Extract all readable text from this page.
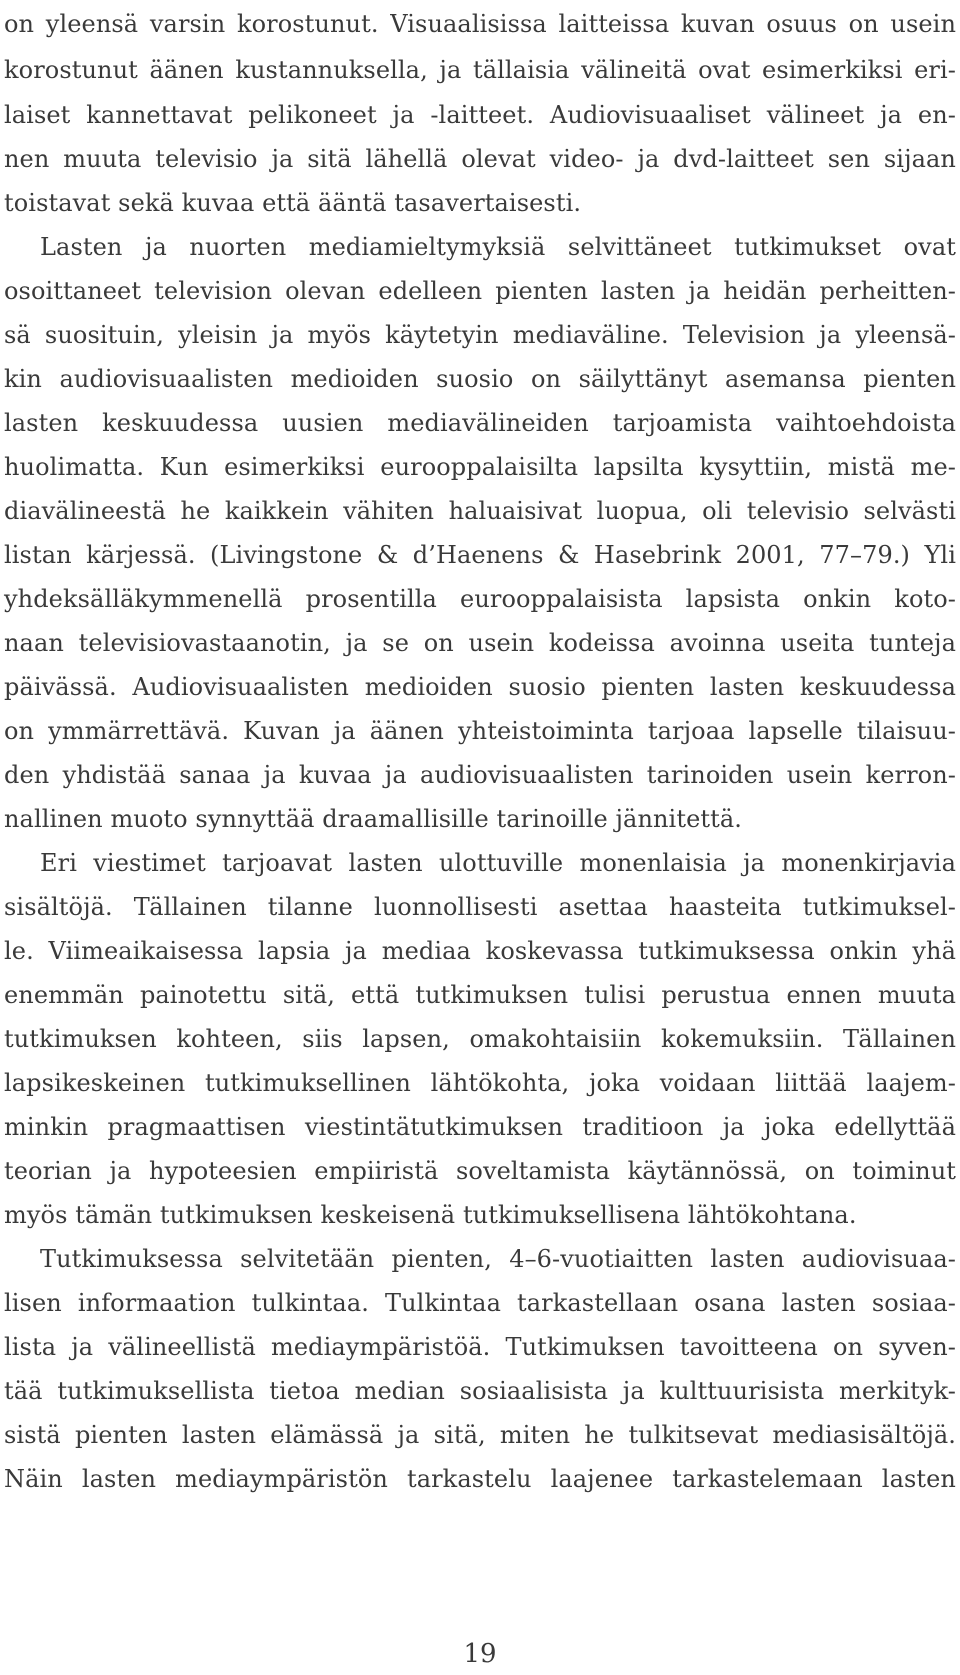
on yleensä varsin korostunut. Visuaalisissa laitteissa kuvan osuus on usein
korostunut äänen kustannuksella, ja tällaisia välineitä ovat esimerkiksi eri-
laiset kannettavat pelikoneet ja -laitteet. Audiovisuaaliset välineet ja en-
nen muuta televisio ja sitä lähellä olevat video- ja dvd-laitteet sen sijaan
toistavat sekä kuvaa että ääntä tasavertaisesti.
Lasten ja nuorten mediamieltymyksiä selvittäneet tutkimukset ovat
osoittaneet television olevan edelleen pienten lasten ja heidän perheitten-
sä suosituin, yleisin ja myös käytetyin mediaväline. Television ja yleensä-
kin audiovisuaalisten medioiden suosio on säilyttänyt asemansa pienten
lasten keskuudessa uusien mediavälineiden tarjoamista vaihtoehdoista
huolimatta. Kun esimerkiksi eurooppalaisilta lapsilta kysyttiin, mistä me-
diavälineestä he kaikkein vähiten haluaisivat luopua, oli televisio selvästi
listan kärjessä. (Livingstone & d’Haenens & Hasebrink 2001, 77–79.) Yli
yhdeksälläkymmenellä prosentilla eurooppalaisista lapsista onkin koto-
naan televisiovastaanotin, ja se on usein kodeissa avoinna useita tunteja
päivässä. Audiovisuaalisten medioiden suosio pienten lasten keskuudessa
on ymmärrettävä. Kuvan ja äänen yhteistoiminta tarjoaa lapselle tilaisuu-
den yhdistää sanaa ja kuvaa ja audiovisuaalisten tarinoiden usein kerron-
nallinen muoto synnyttää draamallisille tarinoille jännitettä.
Eri viestimet tarjoavat lasten ulottuville monenlaisia ja monenkirjavia
sisältöjä. Tällainen tilanne luonnollisesti asettaa haasteita tutkimuksel-
le. Viimeaikaisessa lapsia ja mediaa koskevassa tutkimuksessa onkin yhä
enemmän painotettu sitä, että tutkimuksen tulisi perustua ennen muuta
tutkimuksen kohteen, siis lapsen, omakohtaisiin kokemuksiin. Tällainen
lapsikeskeinen tutkimuksellinen lähtökohta, joka voidaan liittää laajem-
minkin pragmaattisen viestintätutkimuksen traditioon ja joka edellyttää
teorian ja hypoteesien empiiristä soveltamista käytännössä, on toiminut
myös tämän tutkimuksen keskeisenä tutkimuksellisena lähtökohtana.
Tutkimuksessa selvitetään pienten, 4–6-vuotiaitten lasten audiovisuaa-
lisen informaation tulkintaa. Tulkintaa tarkastellaan osana lasten sosiaa-
lista ja välineellistä mediaympäristöä. Tutkimuksen tavoitteena on syven-
tää tutkimuksellista tietoa median sosiaalisista ja kulttuurisista merkityk-
sistä pienten lasten elämässä ja sitä, miten he tulkitsevat mediasisältöjä.
Näin lasten mediaympäristön tarkastelu laajenee tarkastelemaan lasten
19
